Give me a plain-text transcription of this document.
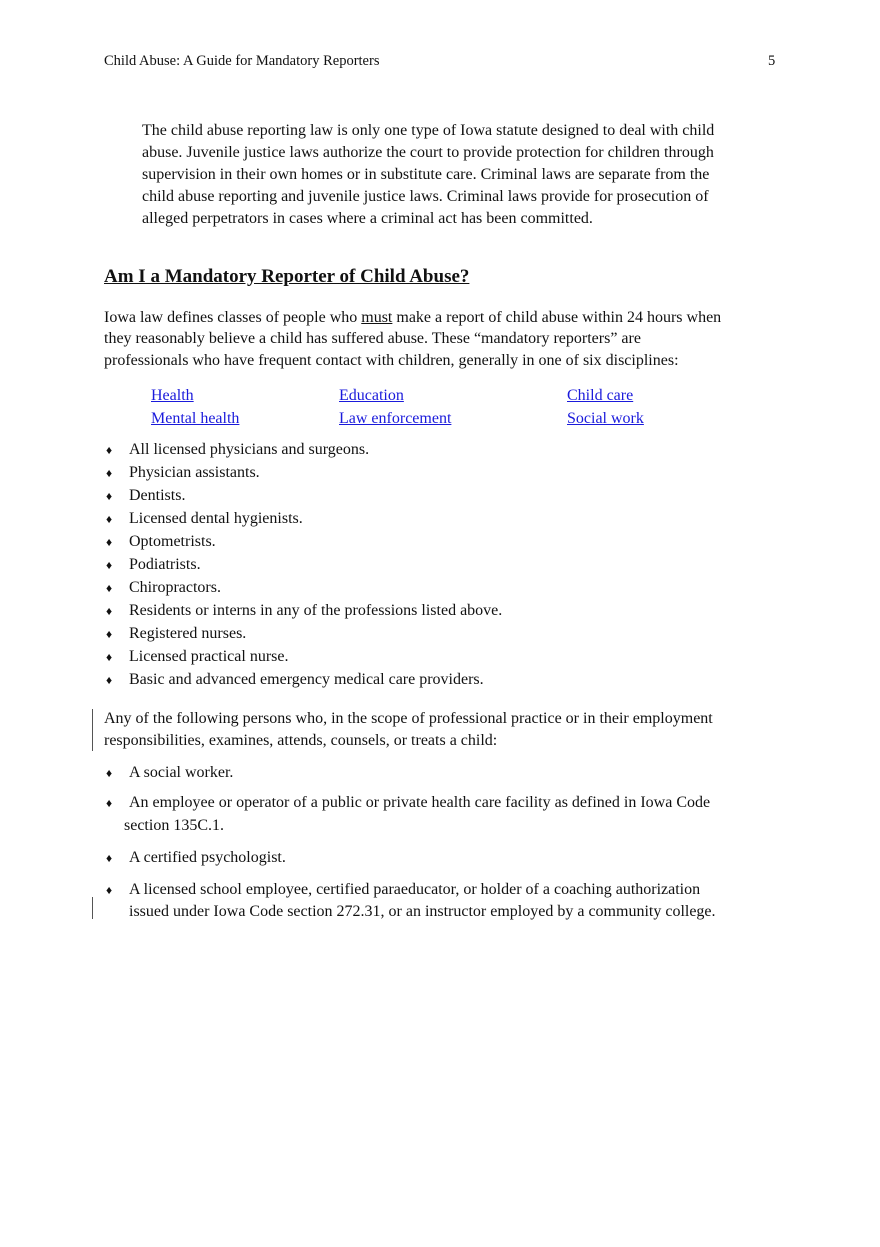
Child Abuse: A Guide for Mandatory Reporters	5
The child abuse reporting law is only one type of Iowa statute designed to deal with child
abuse. Juvenile justice laws authorize the court to provide protection for children through
supervision in their own homes or in substitute care. Criminal laws are separate from the
child abuse reporting and juvenile justice laws. Criminal laws provide for prosecution of
alleged perpetrators in cases where a criminal act has been committed.
Am I a Mandatory Reporter of Child Abuse?
Iowa law defines classes of people who must make a report of child abuse within 24 hours when
they reasonably believe a child has suffered abuse. These “mandatory reporters” are
professionals who have frequent contact with children, generally in one of six disciplines:
Health	Education	Child care
Mental health	Law enforcement	Social work
♦ All licensed physicians and surgeons.
♦ Physician assistants.
♦ Dentists.
♦ Licensed dental hygienists.
♦ Optometrists.
♦ Podiatrists.
♦ Chiropractors.
♦ Residents or interns in any of the professions listed above.
♦ Registered nurses.
♦ Licensed practical nurse.
♦ Basic and advanced emergency medical care providers.
Any of the following persons who, in the scope of professional practice or in their employment
responsibilities, examines, attends, counsels, or treats a child:
♦ A social worker.
♦ An employee or operator of a public or private health care facility as defined in Iowa Code
section 135C.1.
♦ A certified psychologist.
♦ A licensed school employee, certified paraeducator, or holder of a coaching authorization
issued under Iowa Code section 272.31, or an instructor employed by a community college.
